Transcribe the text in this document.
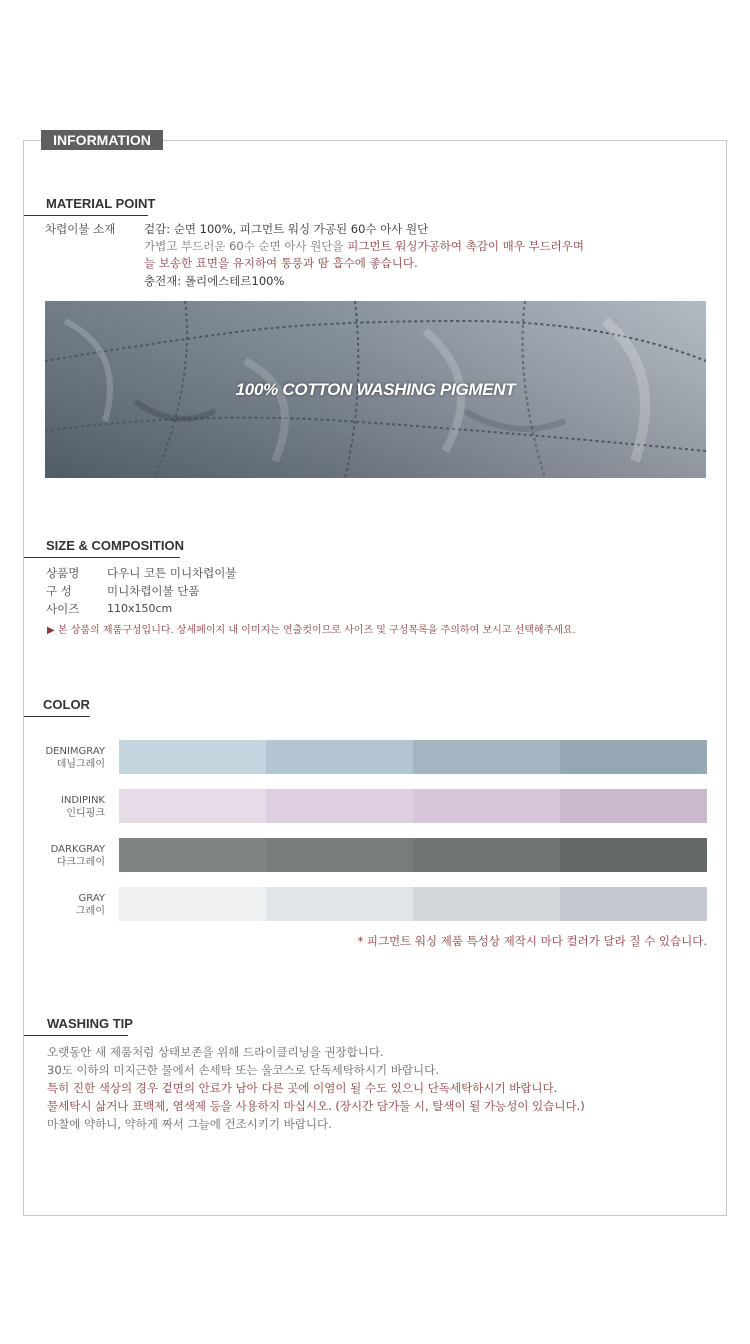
INFORMATION
MATERIAL POINT
차렵이불 소재 겉감: 순면 100%, 피그먼트 워싱 가공된 60수 아사 원단
가볍고 부드러운 60수 순면 아사 원단을 피그먼트 워싱가공하여 촉감이 매우 부드러우며
늘 보송한 표면을 유지하여 통풍과 땀 흡수에 좋습니다.
충전재: 폴리에스테르100%
100% COTTON WASHING PIGMENT
SIZE & COMPOSITION
상품명 다우니 코튼 미니차렵이불
구 성	미니차렵이불 단품
사이즈	110x150cm
▶ 본 상품의 제품구성입니다. 상세페이지 내 이미지는 연출컷이므로 사이즈 및 구성목록을 주의하여 보시고 선택해주세요.
COLOR
DENIMGRAY
데님그레이
INDIPINK
인디핑크
DARKGRAY
다크그레이
GRAY
그레이
* 피그먼트 워싱 제품 특성상 제작시 마다 컬러가 달라 질 수 있습니다.
WASHING TIP
오랫동안 새 제품처럼 상태보존을 위해 드라이클리닝을 권장합니다.
30도 이하의 미지근한 물에서 손세탁 또는 울코스로 단독세탁하시기 바랍니다.
특히 진한 색상의 경우 겉면의 안료가 남아 다른 곳에 이염이 될 수도 있으니 단독세탁하시기 바랍니다.
물세탁시 삶거나 표백제, 염색제 등을 사용하지 마십시오. (장시간 담가둘 시, 탈색이 될 가능성이 있습니다.)
마찰에 약하니, 약하게 짜서 그늘에 건조시키기 바랍니다.
